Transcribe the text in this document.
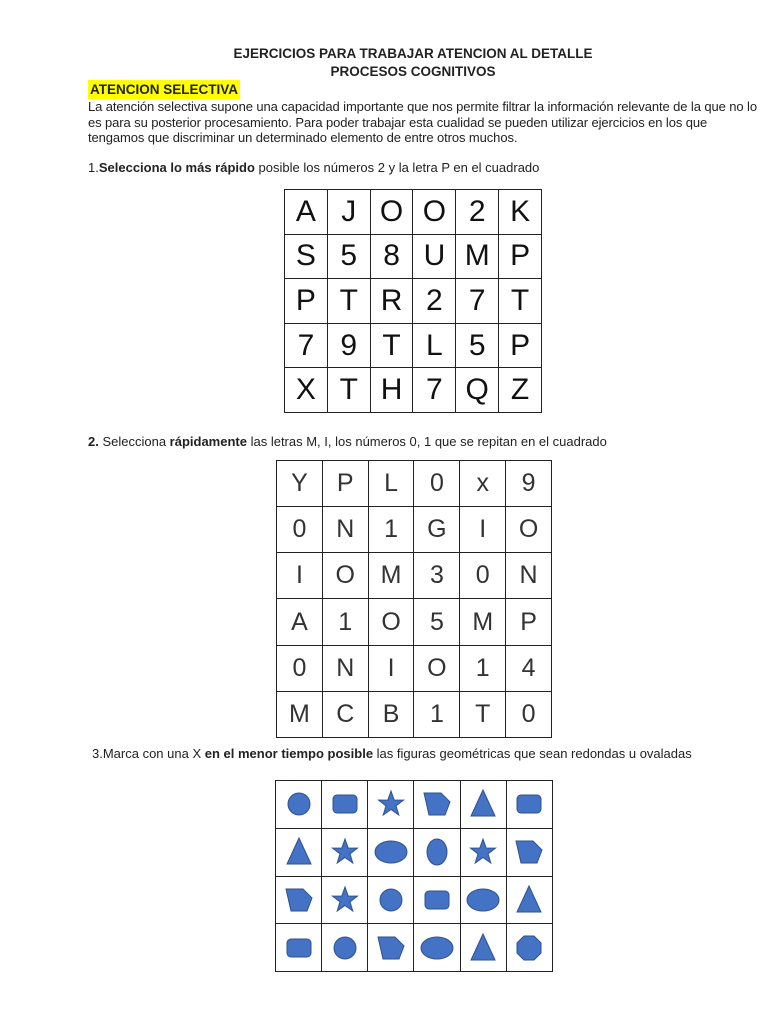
EJERCICIOS PARA TRABAJAR ATENCION AL DETALLE
PROCESOS COGNITIVOS
ATENCION SELECTIVA
La atención selectiva supone una capacidad importante que nos permite filtrar la información relevante de la que no lo
es para su posterior procesamiento. Para poder trabajar esta cualidad se pueden utilizar ejercicios en los que
tengamos que discriminar un determinado elemento de entre otros muchos.
1.Selecciona lo más rápido posible los números 2 y la letra P en el cuadrado
A	J	O	O	2	K
S	5	8	U	M	P
P	T	R	2	7	T
7	9	T	L	5	P
X	T	H	7	Q	Z
2. Selecciona rápidamente las letras M, I, los números 0, 1 que se repitan en el cuadrado
Y	P	L	0	x	9
0	N	1	G	I	O
I	O	M	3	0	N
A	1	O	5	M	P
0	N	I	O	1	4
M	C	B	1	T	0
3.Marca con una X en el menor tiempo posible las figuras geométricas que sean redondas u ovaladas
